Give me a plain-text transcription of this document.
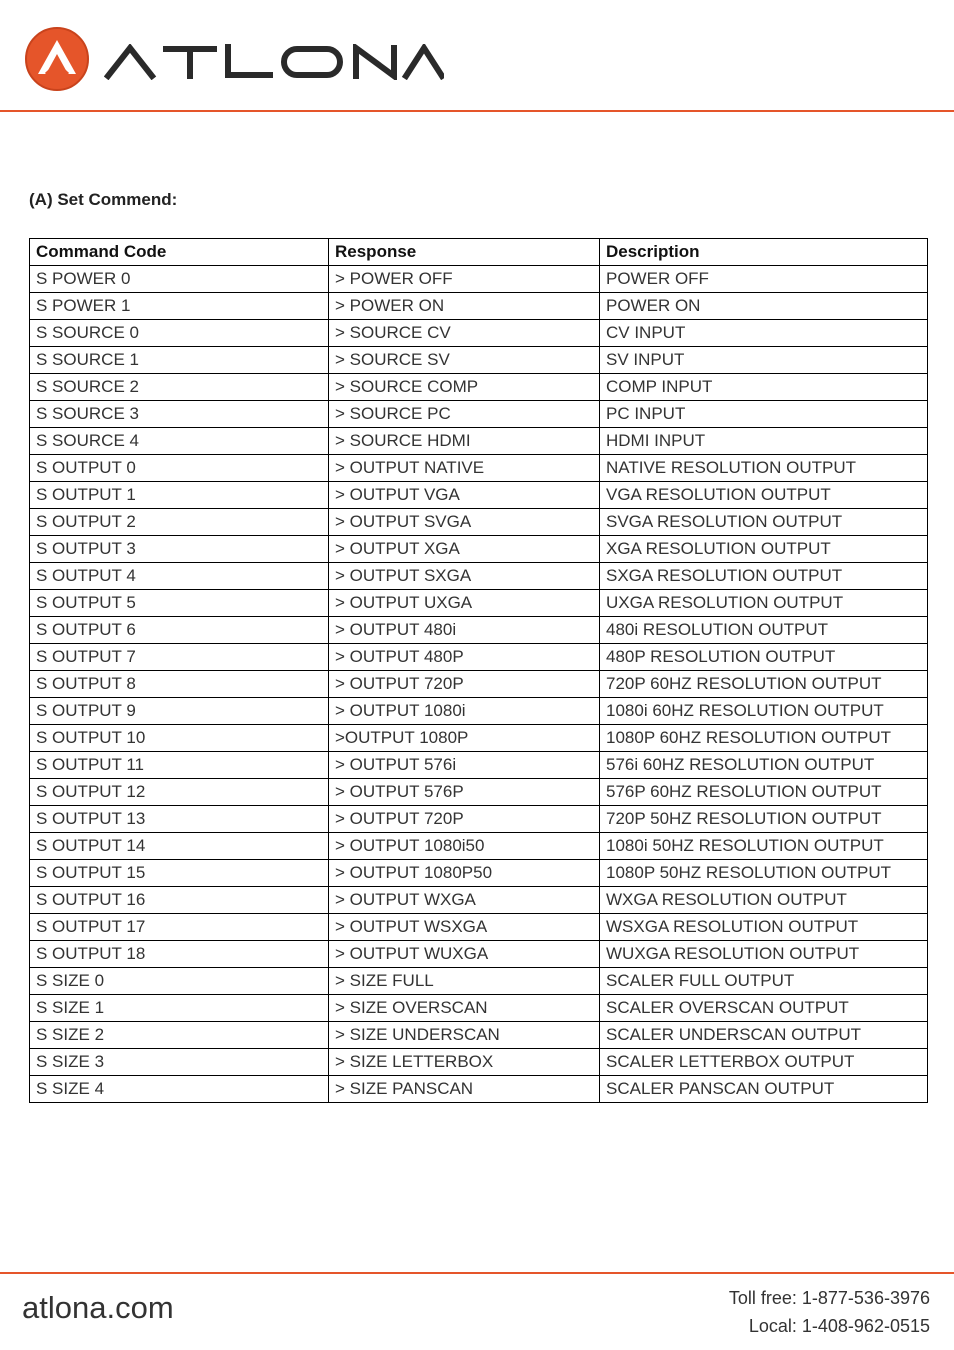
(A) Set Commend:
Command Code	Response	Description
S POWER 0	> POWER OFF	POWER OFF
S POWER 1	> POWER ON	POWER ON
S SOURCE 0	> SOURCE CV	CV INPUT
S SOURCE 1	> SOURCE SV	SV INPUT
S SOURCE 2	> SOURCE COMP	COMP INPUT
S SOURCE 3	> SOURCE PC	PC INPUT
S SOURCE 4	> SOURCE HDMI	HDMI INPUT
S OUTPUT 0	> OUTPUT NATIVE	NATIVE RESOLUTION OUTPUT
S OUTPUT 1	> OUTPUT VGA	VGA RESOLUTION OUTPUT
S OUTPUT 2	> OUTPUT SVGA	SVGA RESOLUTION OUTPUT
S OUTPUT 3	> OUTPUT XGA	XGA RESOLUTION OUTPUT
S OUTPUT 4	> OUTPUT SXGA	SXGA RESOLUTION OUTPUT
S OUTPUT 5	> OUTPUT UXGA	UXGA RESOLUTION OUTPUT
S OUTPUT 6	> OUTPUT 480i	480i RESOLUTION OUTPUT
S OUTPUT 7	> OUTPUT 480P	480P RESOLUTION OUTPUT
S OUTPUT 8	> OUTPUT 720P	720P 60HZ RESOLUTION OUTPUT
S OUTPUT 9	> OUTPUT 1080i	1080i 60HZ RESOLUTION OUTPUT
S OUTPUT 10	>OUTPUT 1080P	1080P 60HZ RESOLUTION OUTPUT
S OUTPUT 11	> OUTPUT 576i	576i 60HZ RESOLUTION OUTPUT
S OUTPUT 12	> OUTPUT 576P	576P 60HZ RESOLUTION OUTPUT
S OUTPUT 13	> OUTPUT 720P	720P 50HZ RESOLUTION OUTPUT
S OUTPUT 14	> OUTPUT 1080i50	1080i 50HZ RESOLUTION OUTPUT
S OUTPUT 15	> OUTPUT 1080P50	1080P 50HZ RESOLUTION OUTPUT
S OUTPUT 16	> OUTPUT WXGA	WXGA RESOLUTION OUTPUT
S OUTPUT 17	> OUTPUT WSXGA	WSXGA RESOLUTION OUTPUT
S OUTPUT 18	> OUTPUT WUXGA	WUXGA RESOLUTION OUTPUT
S SIZE 0	> SIZE FULL	SCALER FULL OUTPUT
S SIZE 1	> SIZE OVERSCAN	SCALER OVERSCAN OUTPUT
S SIZE 2	> SIZE UNDERSCAN	SCALER UNDERSCAN OUTPUT
S SIZE 3	> SIZE LETTERBOX	SCALER LETTERBOX OUTPUT
S SIZE 4	> SIZE PANSCAN	SCALER PANSCAN OUTPUT
atlona.com	Toll free: 1-877-536-3976
Local: 1-408-962-0515
